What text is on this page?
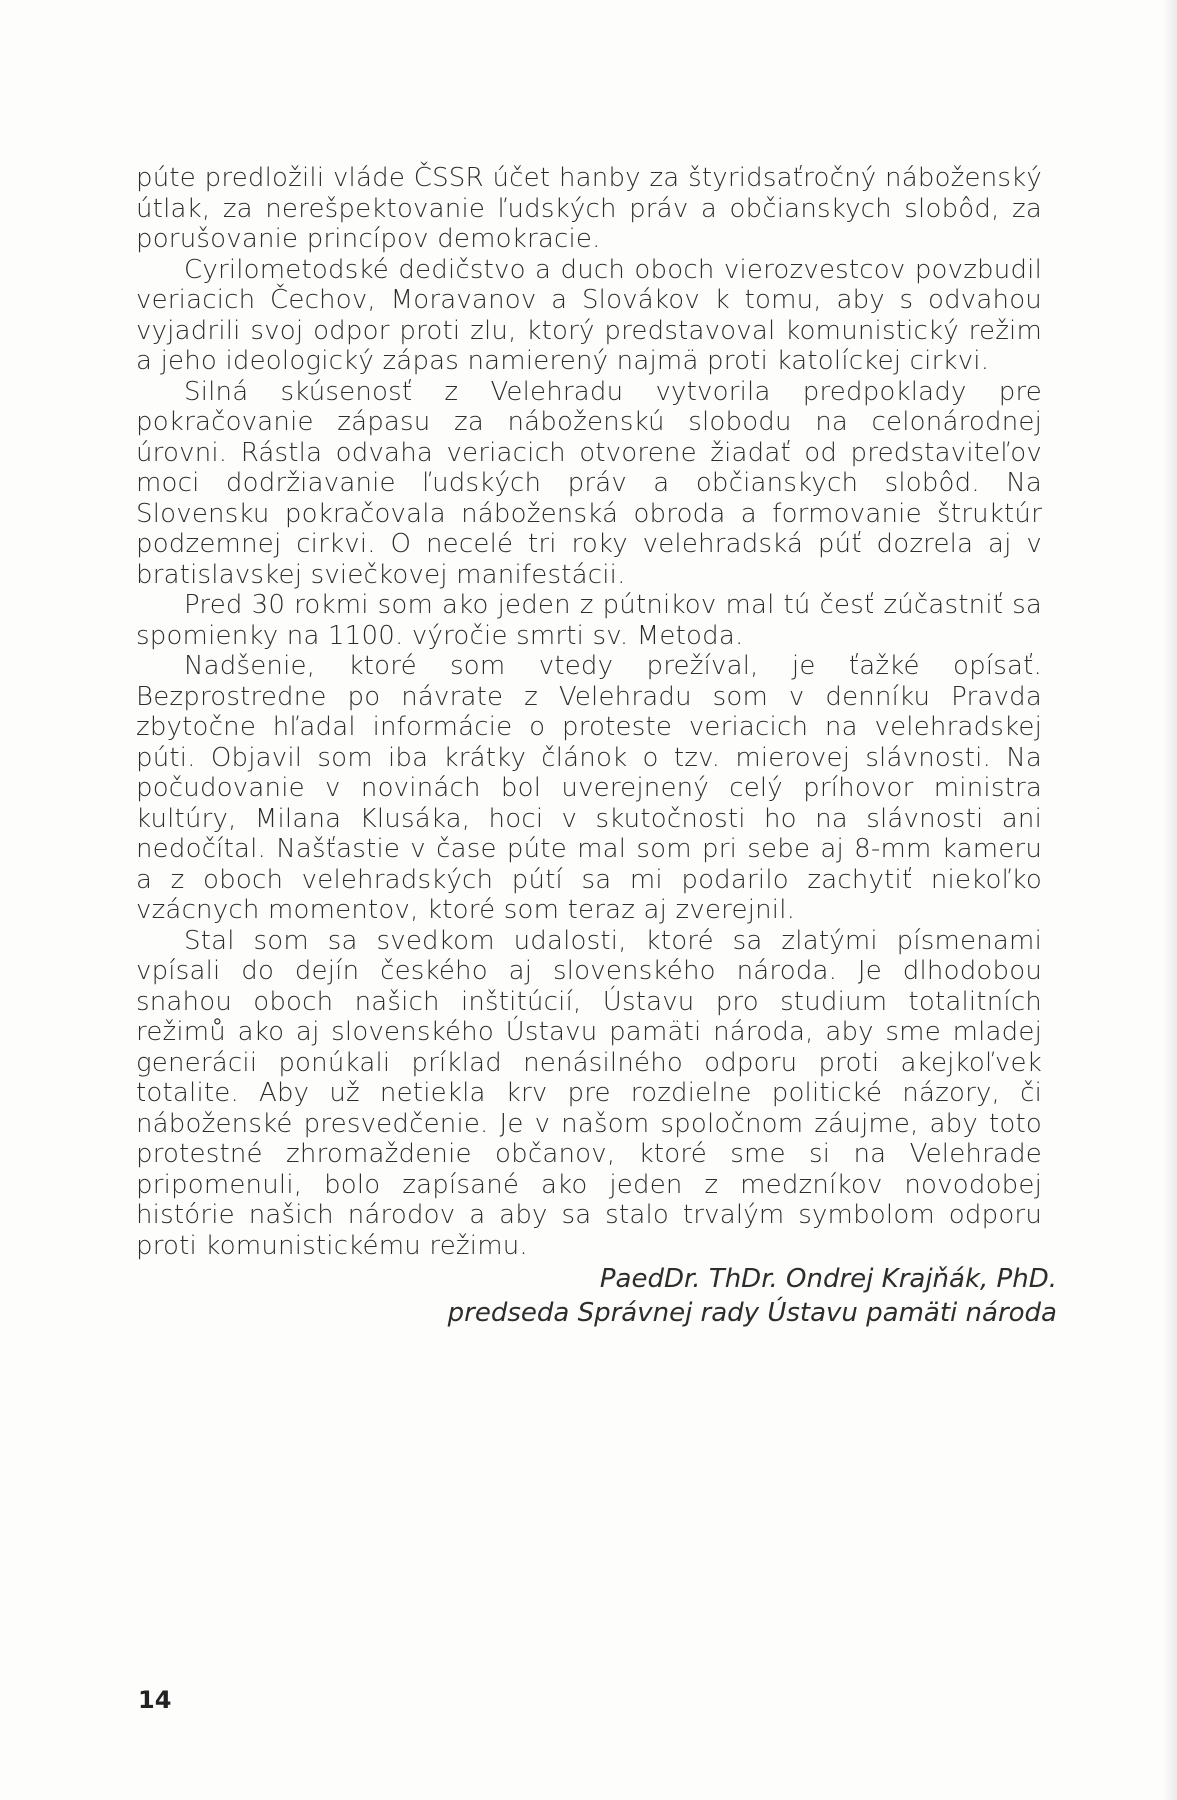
púte predložili vláde ČSSR účet hanby za štyridsaťročný náboženský útlak, za nerešpektovanie ľudských práv a občianskych slobôd, za porušovanie princípov demokracie.

Cyrilometodské dedičstvo a duch oboch vierozvestcov povzbudil veriacich Čechov, Moravanov a Slovákov k tomu, aby s odvahou vyjadrili svoj odpor proti zlu, ktorý predstavoval komunistický režim a jeho ideologický zápas namierený najmä proti katolíckej cirkvi.

Silná skúsenosť z Velehradu vytvorila predpoklady pre pokračovanie zápasu za náboženskú slobodu na celonárodnej úrovni. Rástla odvaha veriacich otvorene žiadať od predstaviteľov moci dodržiavanie ľudských práv a občianskych slobôd. Na Slovensku pokračovala náboženská obroda a formovanie štruktúr podzemnej cirkvi. O necelé tri roky velehradská púť dozrela aj v bratislavskej sviečkovej manifestácii.

Pred 30 rokmi som ako jeden z pútnikov mal tú česť zúčastniť sa spomienky na 1100. výročie smrti sv. Metoda.

Nadšenie, ktoré som vtedy prežíval, je ťažké opísať. Bezprostredne po návrate z Velehradu som v denníku Pravda zbytočne hľadal informácie o proteste veriacich na velehradskej púti. Objavil som iba krátky článok o tzv. mierovej slávnosti. Na počudovanie v novinách bol uverejnený celý príhovor ministra kultúry, Milana Klusáka, hoci v skutočnosti ho na slávnosti ani nedočítal. Našťastie v čase púte mal som pri sebe aj 8-mm kameru a z oboch velehradských pútí sa mi podarilo zachytiť niekoľko vzácnych momentov, ktoré som teraz aj zverejnil.

Stal som sa svedkom udalosti, ktoré sa zlatými písmenami vpísali do dejín českého aj slovenského národa. Je dlhodobou snahou oboch našich inštitúcií, Ústavu pro studium totalitních režimů ako aj slovenského Ústavu pamäti národa, aby sme mladej generácii ponúkali príklad nenásilného odporu proti akejkoľvek totalite. Aby už netiekla krv pre rozdielne politické názory, či náboženské presvedčenie. Je v našom spoločnom záujme, aby toto protestné zhromaždenie občanov, ktoré sme si na Velehrade pripomenuli, bolo zapísané ako jeden z medzníkov novodobej histórie našich národov a aby sa stalo trvalým symbolom odporu proti komunistickému režimu.

PaedDr. ThDr. Ondrej Krajňák, PhD.
predseda Správnej rady Ústavu pamäti národa
14
